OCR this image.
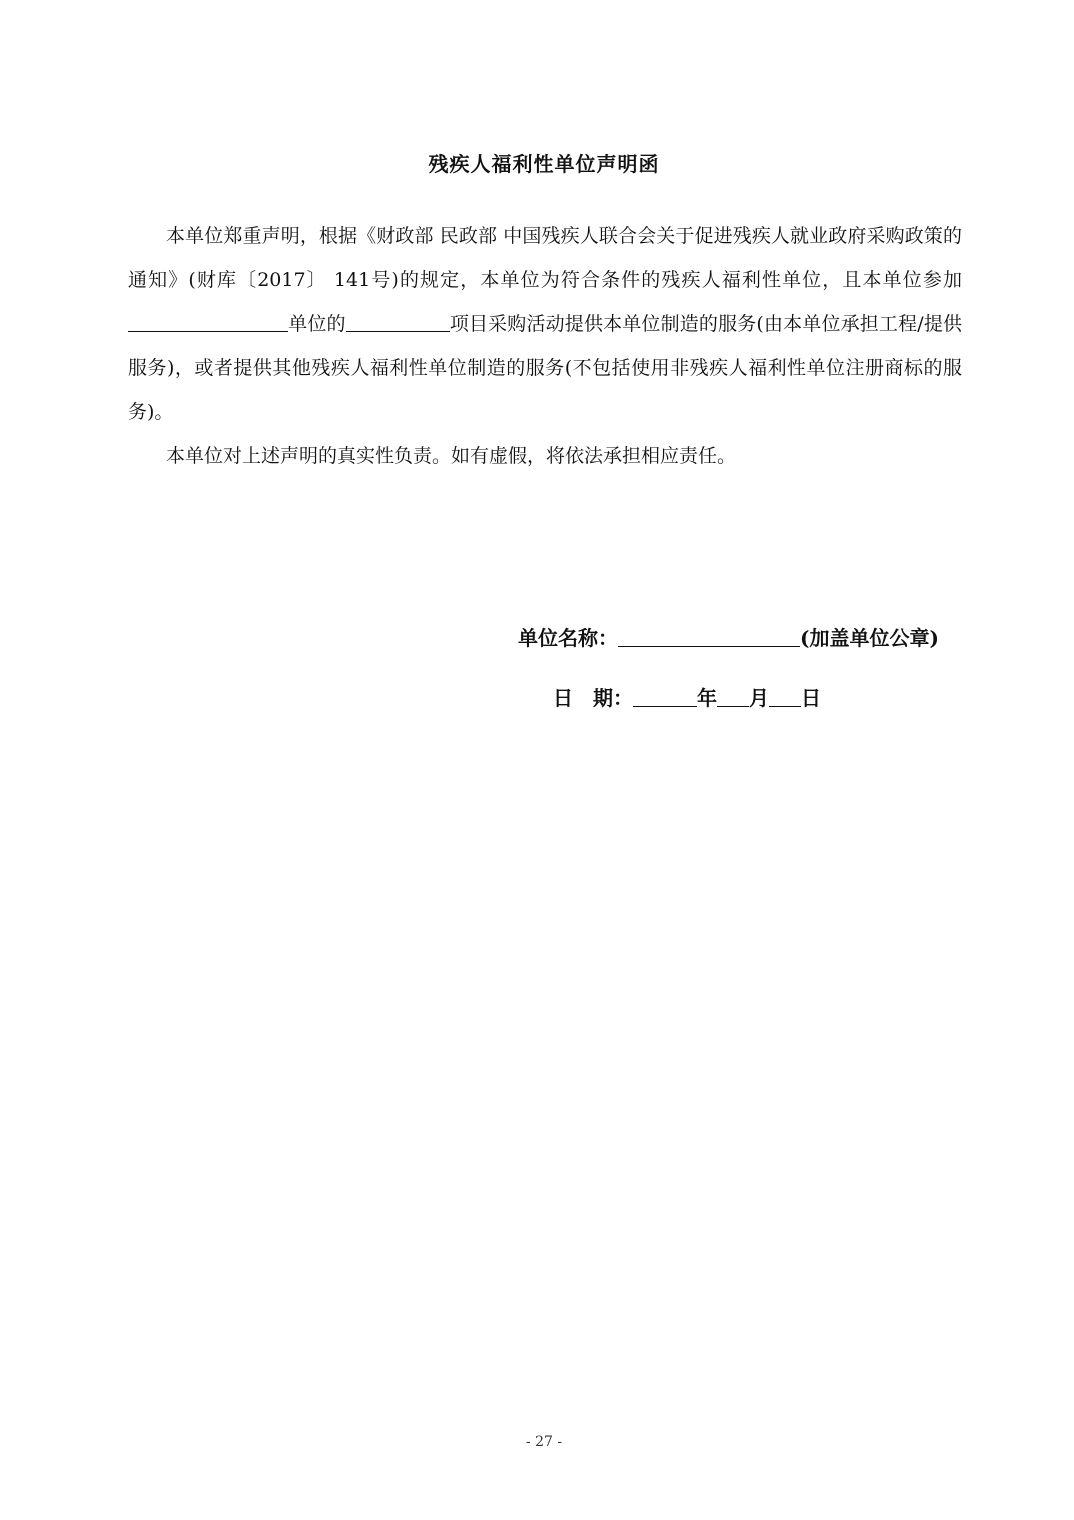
残疾人福利性单位声明函

本单位郑重声明，根据《财政部 民政部 中国残疾人联合会关于促进残疾人就业政府采购政策的通知》(财库〔2017〕 141号)的规定，本单位为符合条件的残疾人福利性单位，且本单位参加单位的	项目采购活动提供本单位制造的服务(由本单位承担工程/提供服务)，或者提供其他残疾人福利性单位制造的服务(不包括使用非残疾人福利性单位注册商标的服务)。

本单位对上述声明的真实性负责。如有虚假，将依法承担相应责任。

单位名称：	(加盖单位公章)
日　期：	年 月 日
- 27 -
